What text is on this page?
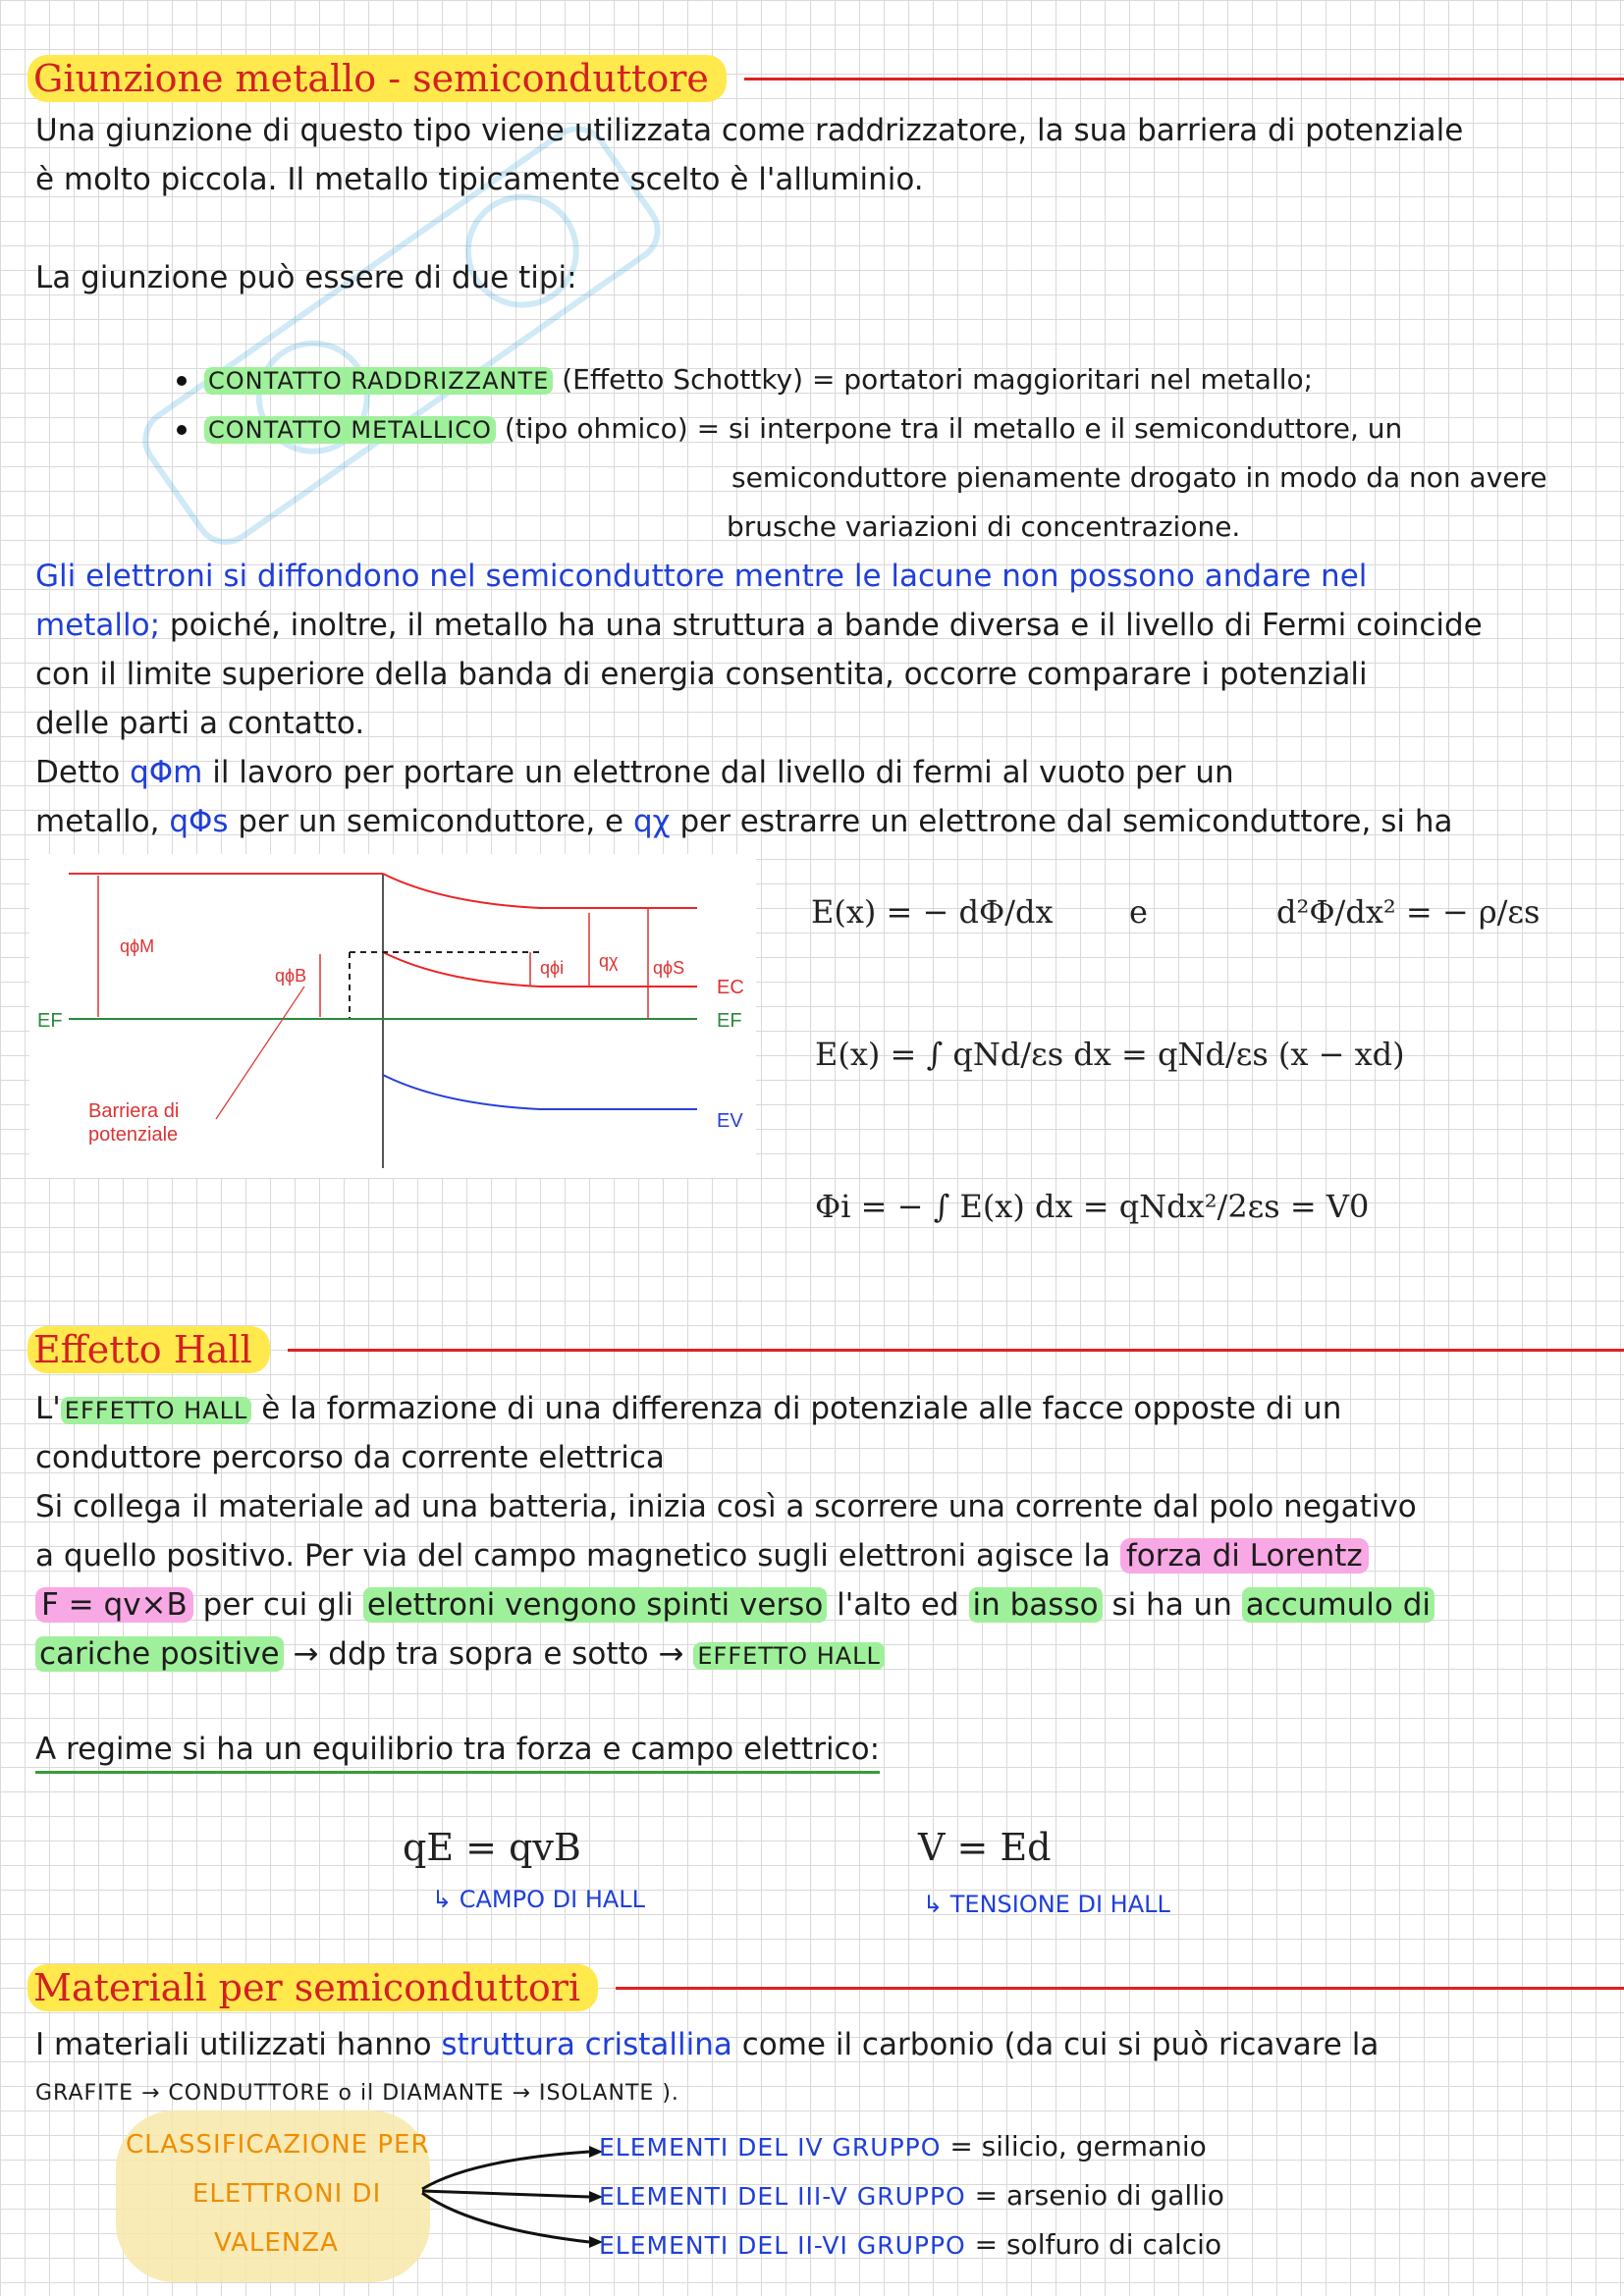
Giunzione metallo - semiconduttore
Una giunzione di questo tipo viene utilizzata come raddrizzatore, la sua barriera di potenziale
è molto piccola. Il metallo tipicamente scelto è l'alluminio.
La giunzione può essere di due tipi:
CONTATTO RADDRIZZANTE (Effetto Schottky) = portatori maggioritari nel metallo;
CONTATTO METALLICO (tipo ohmico) = si interpone tra il metallo e il semiconduttore, un
semiconduttore pienamente drogato in modo da non avere
brusche variazioni di concentrazione.
Gli elettroni si diffondono nel semiconduttore mentre le lacune non possono andare nel
metallo; poiché, inoltre, il metallo ha una struttura a bande diversa e il livello di Fermi coincide
con il limite superiore della banda di energia consentita, occorre comparare i potenziali
delle parti a contatto.
Detto qΦm il lavoro per portare un elettrone dal livello di fermi al vuoto per un
metallo, qΦs per un semiconduttore, e qχ per estrarre un elettrone dal semiconduttore, si ha
qϕM
qϕB	qϕi qχ qϕS
EC
EF	EF
EV
Barriera di
potenziale
E(x) = − dΦ/dx e	d²Φ/dx² = − ρ/εs
E(x) = ∫ qNd/εs dx = qNd/εs (x − xd)
Φi = − ∫ E(x) dx = qNdx²/2εs = V0
Effetto Hall
L' EFFETTO HALL è la formazione di una differenza di potenziale alle facce opposte di un
conduttore percorso da corrente elettrica
Si collega il materiale ad una batteria, inizia così a scorrere una corrente dal polo negativo
a quello positivo. Per via del campo magnetico sugli elettroni agisce la forza di Lorentz
F = qv×B per cui gli elettroni vengono spinti verso l'alto ed in basso si ha un accumulo di
cariche positive → ddp tra sopra e sotto → EFFETTO HALL
A regime si ha un equilibrio tra forza e campo elettrico:
qE = qvB
↳ CAMPO DI HALL
V = Ed
↳ TENSIONE DI HALL
Materiali per semiconduttori
I materiali utilizzati hanno struttura cristallina come il carbonio (da cui si può ricavare la
GRAFITE → CONDUTTORE o il DIAMANTE → ISOLANTE ).
CLASSIFICAZIONE PER
ELETTRONI DI
VALENZA
ELEMENTI DEL IV GRUPPO = silicio, germanio
ELEMENTI DEL III-V GRUPPO = arsenio di gallio
ELEMENTI DEL II-VI GRUPPO = solfuro di calcio
